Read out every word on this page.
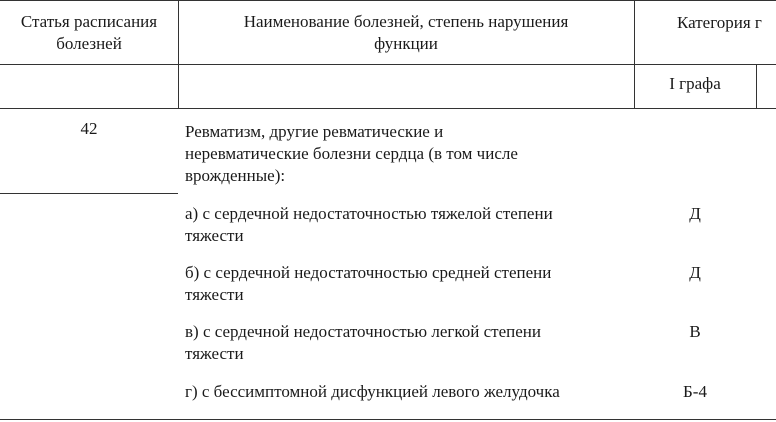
Статья расписания
болезней
Наименование болезней, степень нарушения
функции
Категория г
I графа
42	Ревматизм, другие ревматические и
неревматические болезни сердца (в том числе
врожденные):
а) с сердечной недостаточностью тяжелой степени
тяжести
Д
б) с сердечной недостаточностью средней степени
тяжести
Д
в) с сердечной недостаточностью легкой степени
тяжести
В
г) с бессимптомной дисфункцией левого желудочка	Б-4
